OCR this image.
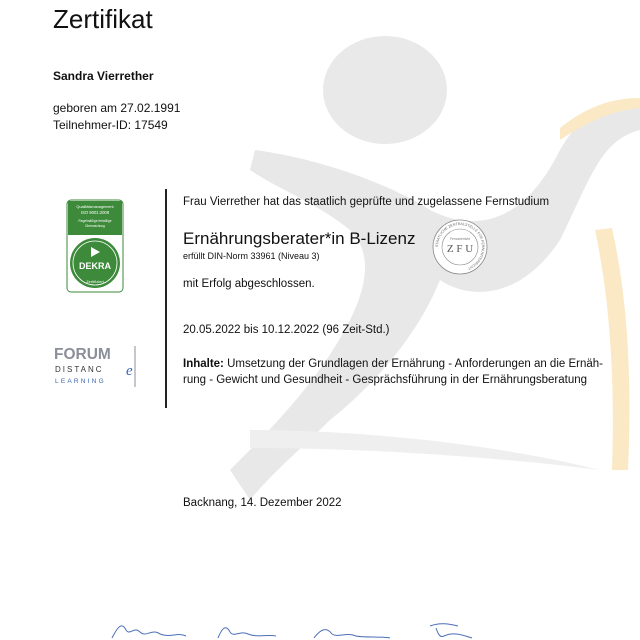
Zertifikat
Sandra Vierrether
geboren am 27.02.1991
Teilnehmer-ID: 17549
Qualitätsmanagement
ISO 9001:2008
Regelmäßige freiwillige
Überwachung
DEKRA
Zertifiziert
FORUM
DISTANC e
LEARNING
Frau Vierrether hat das staatlich geprüfte und zugelassene Fernstudium
Ernährungsberater*in B-Lizenz
erfüllt DIN-Norm 33961 (Niveau 3)
STAATLICHE ZENTRALSTELLE FÜR FERNUNTERRICHT
Z F U
Fernunterricht
mit Erfolg abgeschlossen.
20.05.2022 bis 10.12.2022 (96 Zeit-Std.)
Inhalte: Umsetzung der Grundlagen der Ernährung - Anforderungen an die Ernäh-rung - Gewicht und Gesundheit - Gesprächsführung in der Ernährungsberatung
Backnang, 14. Dezember 2022
